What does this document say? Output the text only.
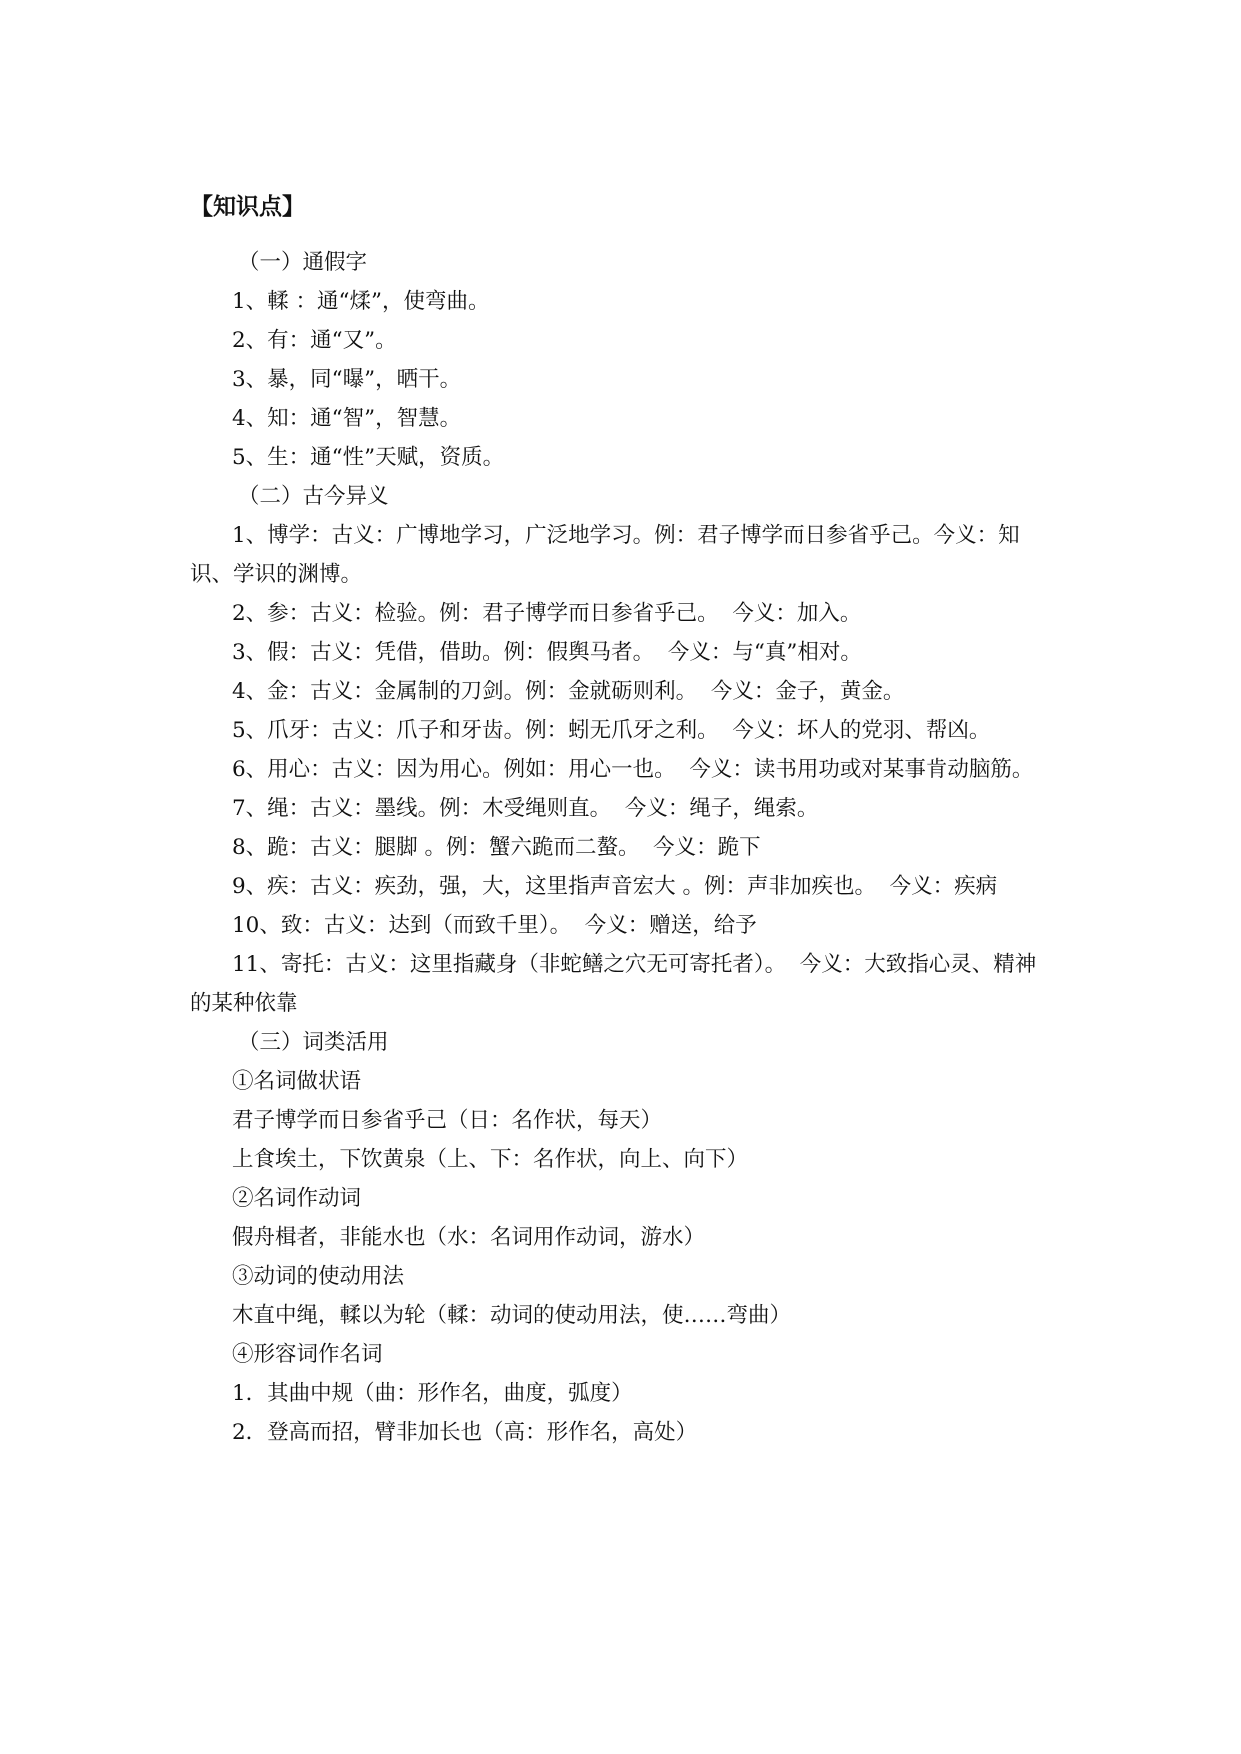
【知识点】

（一）通假字

1、輮 ：通“煣”，使弯曲。

2、有：通“又”。

3、暴，同“曝”，晒干。

4、知：通“智”，智慧。

5、生：通“性”天赋，资质。

（二）古今异义

1、博学：古义：广博地学习，广泛地学习。例：君子博学而日参省乎己。今义：知识、学识的渊博。

2、参：古义：检验。例：君子博学而日参省乎己。  今义：加入。

3、假：古义：凭借，借助。例：假舆马者。  今义：与“真”相对。

4、金：古义：金属制的刀剑。例：金就砺则利。  今义：金子，黄金。

5、爪牙：古义：爪子和牙齿。例：蚓无爪牙之利。  今义：坏人的党羽、帮凶。

6、用心：古义：因为用心。例如：用心一也。  今义：读书用功或对某事肯动脑筋。

7、绳：古义：墨线。例：木受绳则直。  今义：绳子，绳索。

8、跪：古义：腿脚 。例：蟹六跪而二螯。  今义：跪下

9、疾：古义：疾劲，强，大，这里指声音宏大 。例：声非加疾也。  今义：疾病

10、致：古义：达到（而致千里）。  今义：赠送，给予

11、寄托：古义：这里指藏身（非蛇鳝之穴无可寄托者）。  今义：大致指心灵、精神的某种依靠

（三）词类活用

①名词做状语

君子博学而日参省乎己（日：名作状，每天）

上食埃土，下饮黄泉（上、下：名作状，向上、向下）

②名词作动词

假舟楫者，非能水也（水：名词用作动词，游水）

③动词的使动用法

木直中绳，輮以为轮（輮：动词的使动用法，使……弯曲）

④形容词作名词

1．其曲中规（曲：形作名，曲度，弧度）

2．登高而招，臂非加长也（高：形作名，高处）
